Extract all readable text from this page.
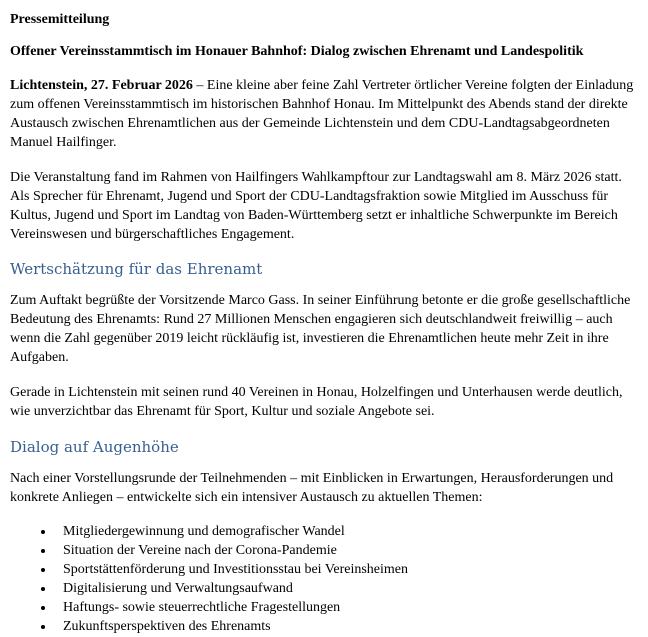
Pressemitteilung

Offener Vereinsstammtisch im Honauer Bahnhof: Dialog zwischen Ehrenamt und Landespolitik

Lichtenstein, 27. Februar 2026 – Eine kleine aber feine Zahl Vertreter örtlicher Vereine folgten der Einladung zum offenen Vereinsstammtisch im historischen Bahnhof Honau. Im Mittelpunkt des Abends stand der direkte Austausch zwischen Ehrenamtlichen aus der Gemeinde Lichtenstein und dem CDU-Landtagsabgeordneten Manuel Hailfinger.

Die Veranstaltung fand im Rahmen von Hailfingers Wahlkampftour zur Landtagswahl am 8. März 2026 statt. Als Sprecher für Ehrenamt, Jugend und Sport der CDU-Landtagsfraktion sowie Mitglied im Ausschuss für Kultus, Jugend und Sport im Landtag von Baden-Württemberg setzt er inhaltliche Schwerpunkte im Bereich Vereinswesen und bürgerschaftliches Engagement.

Wertschätzung für das Ehrenamt

Zum Auftakt begrüßte der Vorsitzende Marco Gass. In seiner Einführung betonte er die große gesellschaftliche Bedeutung des Ehrenamts: Rund 27 Millionen Menschen engagieren sich deutschlandweit freiwillig – auch wenn die Zahl gegenüber 2019 leicht rückläufig ist, investieren die Ehrenamtlichen heute mehr Zeit in ihre Aufgaben.

Gerade in Lichtenstein mit seinen rund 40 Vereinen in Honau, Holzelfingen und Unterhausen werde deutlich, wie unverzichtbar das Ehrenamt für Sport, Kultur und soziale Angebote sei.

Dialog auf Augenhöhe

Nach einer Vorstellungsrunde der Teilnehmenden – mit Einblicken in Erwartungen, Herausforderungen und konkrete Anliegen – entwickelte sich ein intensiver Austausch zu aktuellen Themen:

• Mitgliedergewinnung und demografischer Wandel
• Situation der Vereine nach der Corona-Pandemie
• Sportstättenförderung und Investitionsstau bei Vereinsheimen
• Digitalisierung und Verwaltungsaufwand
• Haftungs- sowie steuerrechtliche Fragestellungen
• Zukunftsperspektiven des Ehrenamts
